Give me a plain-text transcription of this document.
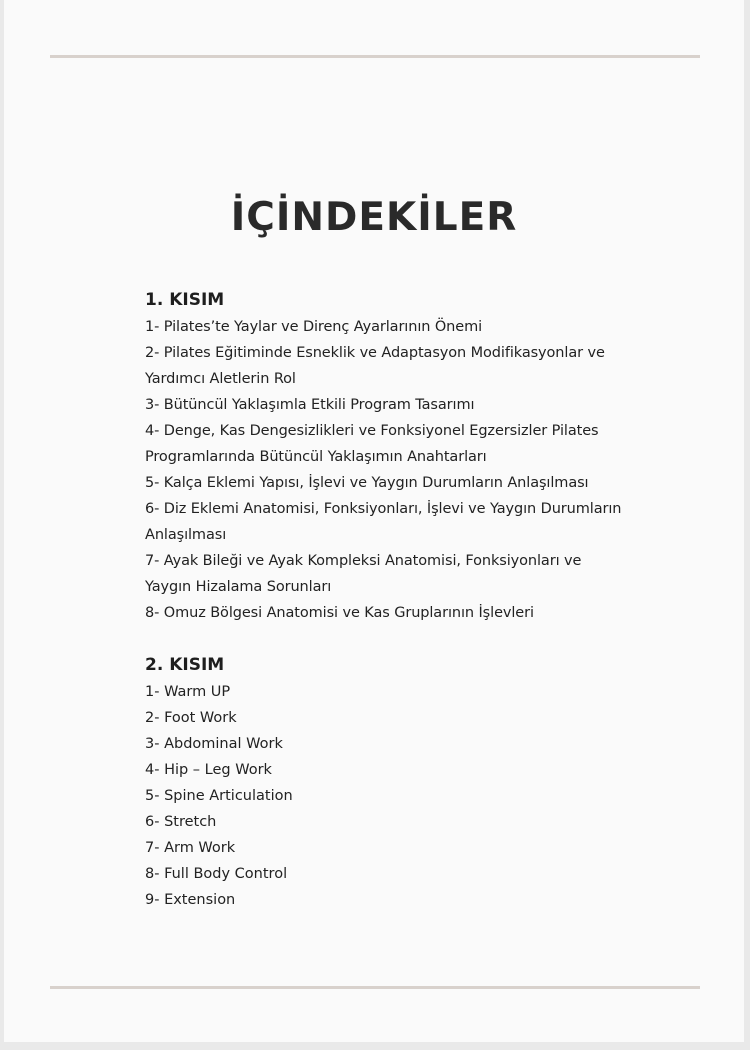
İÇİNDEKİLER
1. KISIM
1- Pilates’te Yaylar ve Direnç Ayarlarının Önemi
2- Pilates Eğitiminde Esneklik ve Adaptasyon Modifikasyonlar ve Yardımcı Aletlerin Rol
3- Bütüncül Yaklaşımla Etkili Program Tasarımı
4- Denge, Kas Dengesizlikleri ve Fonksiyonel Egzersizler Pilates Programlarında Bütüncül Yaklaşımın Anahtarları
5- Kalça Eklemi Yapısı, İşlevi ve Yaygın Durumların Anlaşılması
6- Diz Eklemi Anatomisi, Fonksiyonları, İşlevi ve Yaygın Durumların Anlaşılması
7- Ayak Bileği ve Ayak Kompleksi Anatomisi, Fonksiyonları ve Yaygın Hizalama Sorunları
8- Omuz Bölgesi Anatomisi ve Kas Gruplarının İşlevleri
2. KISIM
1- Warm UP
2- Foot Work
3- Abdominal Work
4- Hip – Leg Work
5- Spine Articulation
6- Stretch
7- Arm Work
8- Full Body Control
9- Extension
